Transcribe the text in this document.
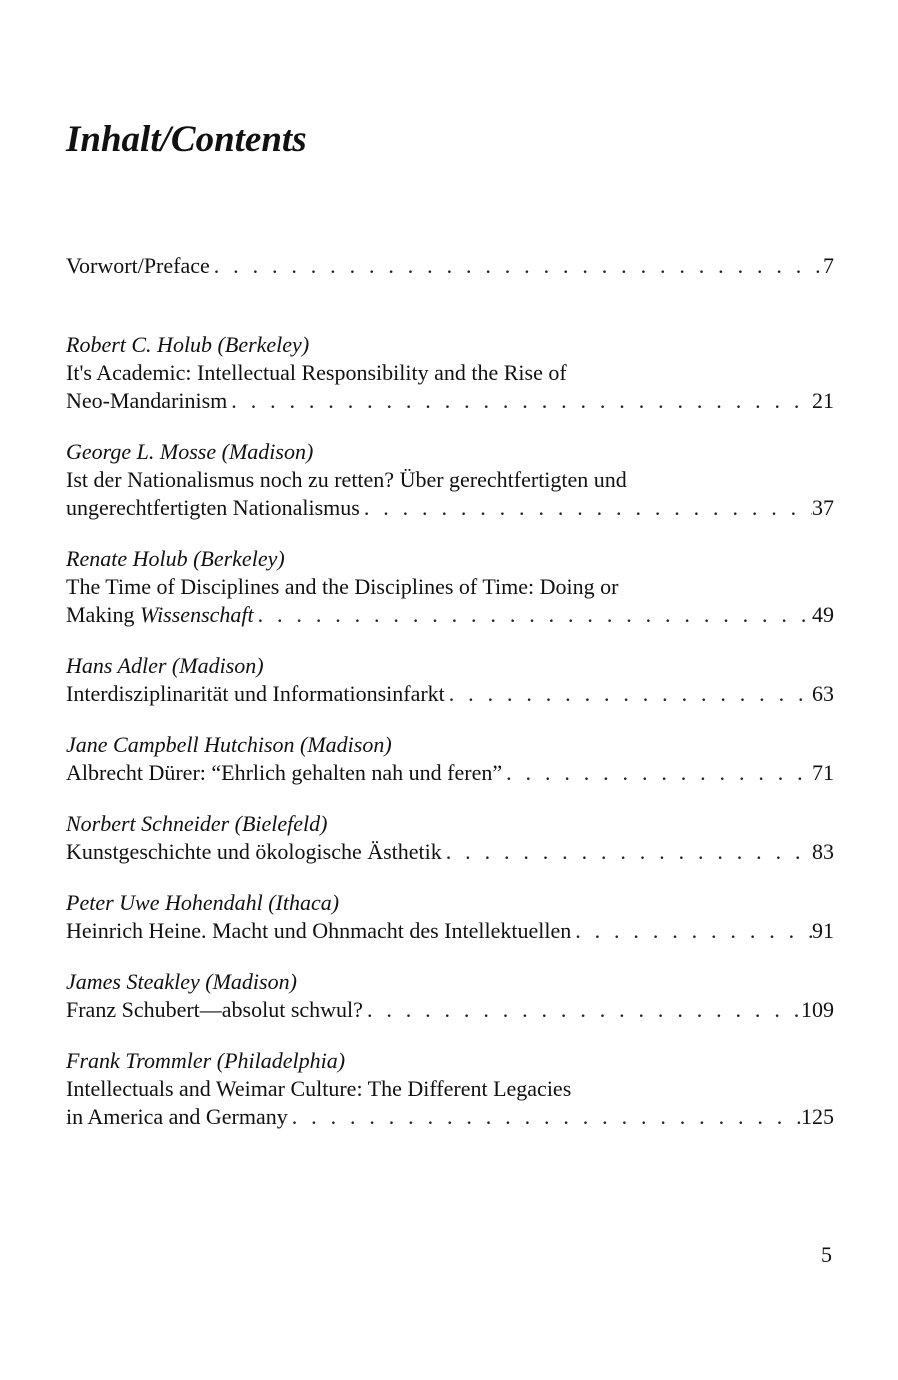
Inhalt/Contents
Vorwort/Preface . . .	7
Robert C. Holub (Berkeley)
It's Academic: Intellectual Responsibility and the Rise of
Neo-Mandarinism . . .	21
George L. Mosse (Madison)
Ist der Nationalismus noch zu retten? Über gerechtfertigten und
ungerechtfertigten Nationalismus . . .	37
Renate Holub (Berkeley)
The Time of Disciplines and the Disciplines of Time: Doing or
Making Wissenschaft . . .	49
Hans Adler (Madison)
Interdisziplinarität und Informationsinfarkt . . .	63
Jane Campbell Hutchison (Madison)
Albrecht Dürer: “Ehrlich gehalten nah und feren” . . .	71
Norbert Schneider (Bielefeld)
Kunstgeschichte und ökologische Ästhetik . . .	83
Peter Uwe Hohendahl (Ithaca)
Heinrich Heine. Macht und Ohnmacht des Intellektuellen . . .	91
James Steakley (Madison)
Franz Schubert—absolut schwul? . . .	109
Frank Trommler (Philadelphia)
Intellectuals and Weimar Culture: The Different Legacies
in America and Germany . . .	125
5
